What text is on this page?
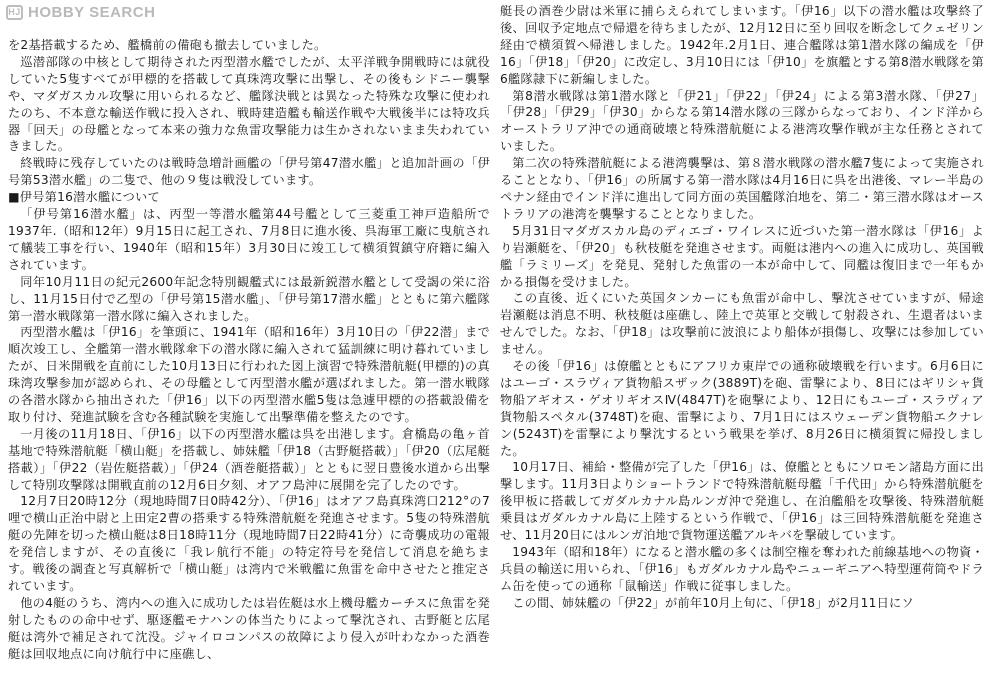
HJ HOBBY SEARCH

を2基搭載するため、艦橋前の備砲も撤去していました。

巡潜部隊の中核として期待された丙型潜水艦でしたが、太平洋戦争開戦時には就役していた5隻すべてが甲標的を搭載して真珠湾攻撃に出撃し、その後もシドニー襲撃や、マダガスカル攻撃に用いられるなど、艦隊決戦とは異なった特殊な攻撃に使われたのち、不本意な輸送作戦に投入され、戦時建造艦も輸送作戦や大戦後半には特攻兵器「回天」の母艦となって本来の強力な魚雷攻撃能力は生かされないまま失われていきました。

終戦時に残存していたのは戦時急増計画艦の「伊号第47潜水艦」と追加計画の「伊号第53潜水艦」の二隻で、他の９隻は戦没しています。

■伊号第16潜水艦について

「伊号第16潜水艦」は、丙型一等潜水艦第44号艦として三菱重工神戸造船所で1937年.（昭和12年）9月15日に起工され、7月8日に進水後、呉海軍工廠に曳航されて艤装工事を行い、1940年（昭和15年）3月30日に竣工して横須賀鎮守府籍に編入されています。

同年10月11日の紀元2600年記念特別観艦式には最新鋭潜水艦として受謁の栄に浴し、11月15日付で乙型の「伊号第15潜水艦」、「伊号第17潜水艦」とともに第六艦隊第一潜水戦隊第一潜水隊に編入されました。

丙型潜水艦は「伊16」を筆頭に、1941年（昭和16年）3月10日の「伊22潜」まで順次竣工し、全艦第一潜水戦隊傘下の潜水隊に編入されて猛訓練に明け暮れていましたが、日米開戦を直前にした10月13日に行われた図上演習で特殊潜航艇(甲標的)の真珠湾攻撃参加が認められ、その母艦として丙型潜水艦が選ばれました。第一潜水戦隊の各潜水隊から抽出された「伊16」以下の丙型潜水艦5隻は急遽甲標的の搭載設備を取り付け、発進試験を含む各種試験を実施して出撃準備を整えたのです。

一月後の11月18日、「伊16」以下の丙型潜水艦は呉を出港します。倉橋島の亀ヶ首基地で特殊潜航艇「横山艇」を搭載し、姉妹艦「伊18（古野艇搭載）」「伊20（広尾艇搭載）」「伊22（岩佐艇搭載）」「伊24（酒巻艇搭載）」とともに翌日豊後水道から出撃して特別攻撃隊は開戦直前の12月6日夕刻、オアフ島沖に展開を完了したのです。

12月7日20時12分（現地時間7日0時42分）、「伊16」はオアフ島真珠湾口212°の7哩で横山正治中尉と上田定2曹の搭乗する特殊潜航艇を発進させます。5隻の特殊潜航艇の先陣を切った横山艇は8日18時11分（現地時間7日22時41分）に奇襲成功の電報を発信しますが、その直後に「我レ航行不能」の特定符号を発信して消息を絶ちます。戦後の調査と写真解析で「横山艇」は湾内で米戦艦に魚雷を命中させたと推定されています。

他の4艇のうち、湾内への進入に成功したは岩佐艇は水上機母艦カーチスに魚雷を発射したものの命中せず、駆逐艦モナハンの体当たりによって撃沈され、古野艇と広尾艇は湾外で補足されて沈没。ジャイロコンパスの故障により侵入が叶わなかった酒巻艇は回収地点に向け航行中に座礁し、

艇長の酒巻少尉は米軍に捕らえられてしまいます。「伊16」以下の潜水艦は攻撃終了後、回収予定地点で帰還を待ちましたが、12月12日に至り回収を断念してクェゼリン経由で横須賀へ帰港しました。1942年.2月1日、連合艦隊は第1潜水隊の編成を「伊16」「伊18」「伊20」に改定し、3月10日には「伊10」を旗艦とする第8潜水戦隊を第6艦隊隷下に新編しました。

第8潜水戦隊は第1潜水隊と「伊21」「伊22」「伊24」による第3潜水隊、「伊27」「伊28」「伊29」「伊30」からなる第14潜水隊の三隊からなっており、インド洋からオーストラリア沖での通商破壊と特殊潜航艇による港湾攻撃作戦が主な任務とされていました。

第二次の特殊潜航艇による港湾襲撃は、第８潜水戦隊の潜水艦7隻によって実施されることとなり、「伊16」の所属する第一潜水隊は4月16日に呉を出港後、マレー半島のペナン経由でインド洋に進出して同方面の英国艦隊泊地を、第二・第三潜水隊はオーストラリアの港湾を襲撃することとなりました。

5月31日マダガスカル島のディエゴ・ワイレスに近づいた第一潜水隊は「伊16」より岩瀬艇を、「伊20」も秋枝艇を発進させます。両艇は港内への進入に成功し、英国戦艦「ラミリーズ」を発見、発射した魚雷の一本が命中して、同艦は復旧まで一年もかかる損傷を受けました。

この直後、近くにいた英国タンカーにも魚雷が命中し、撃沈させていますが、帰途岩瀬艇は消息不明、秋枝艇は座礁し、陸上で英軍と交戦して射殺され、生還者はいませんでした。なお、「伊18」は攻撃前に波浪により船体が損傷し、攻撃には参加していません。

その後「伊16」は僚艦とともにアフリカ東岸での通称破壊戦を行います。6月6日にはユーゴ・スラヴィア貨物船スザック(3889T)を砲、雷撃により、8日にはギリシャ貨物船アギオス・ゲオリギオスⅣ(4847T)を砲撃により、12日にもユーゴ・スラヴィア貨物船スペタル(3748T)を砲、雷撃により、7月1日にはスウェーデン貨物船エクナレン(5243T)を雷撃により撃沈するという戦果を挙げ、8月26日に横須賀に帰投しました。

10月17日、補給・整備が完了した「伊16」は、僚艦とともにソロモン諸島方面に出撃します。11月3日よりショートランドで特殊潜航艇母艦「千代田」から特殊潜航艇を後甲板に搭載してガダルカナル島ルンガ沖で発進し、在泊艦船を攻撃後、特殊潜航艇乗員はガダルカナル島に上陸するという作戦で、「伊16」は三回特殊潜航艇を発進させ、11月20日にはルンガ泊地で貨物運送艦アルキバを撃破しています。

1943年（昭和18年）になると潜水艦の多くは制空権を奪われた前線基地への物資・兵員の輸送に用いられ、「伊16」もガダルカナル島やニューギニアへ特型運荷筒やドラム缶を使っての通称「鼠輸送」作戦に従事しました。

この間、姉妹艦の「伊22」が前年10月上旬に、「伊18」が2月11日にソ
